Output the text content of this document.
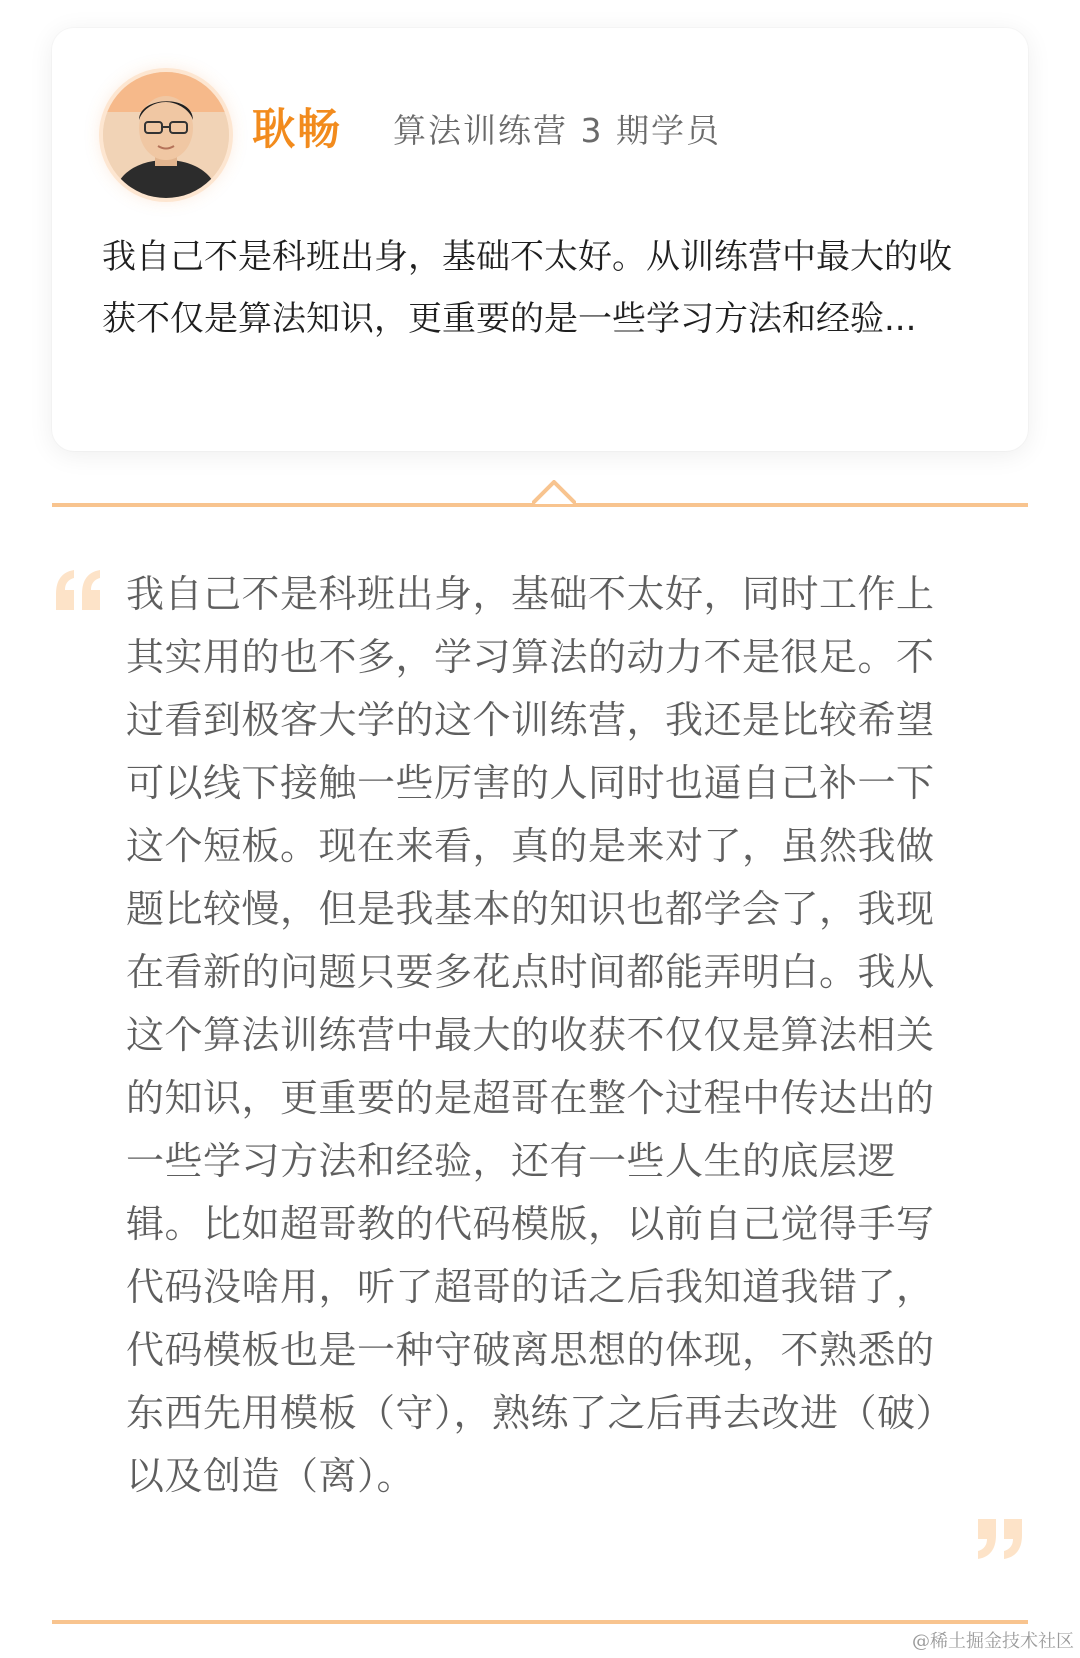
耿畅 算法训练营 3 期学员

我自己不是科班出身，基础不太好。从训练营中最大的收获不仅是算法知识，更重要的是一些学习方法和经验...

我自己不是科班出身，基础不太好，同时工作上其实用的也不多，学习算法的动力不是很足。不过看到极客大学的这个训练营，我还是比较希望可以线下接触一些厉害的人同时也逼自己补一下这个短板。现在来看，真的是来对了，虽然我做题比较慢，但是我基本的知识也都学会了，我现在看新的问题只要多花点时间都能弄明白。我从这个算法训练营中最大的收获不仅仅是算法相关的知识，更重要的是超哥在整个过程中传达出的一些学习方法和经验，还有一些人生的底层逻辑。比如超哥教的代码模版，以前自己觉得手写代码没啥用，听了超哥的话之后我知道我错了，代码模板也是一种守破离思想的体现，不熟悉的东西先用模板（守），熟练了之后再去改进（破）以及创造（离）。

@稀土掘金技术社区
